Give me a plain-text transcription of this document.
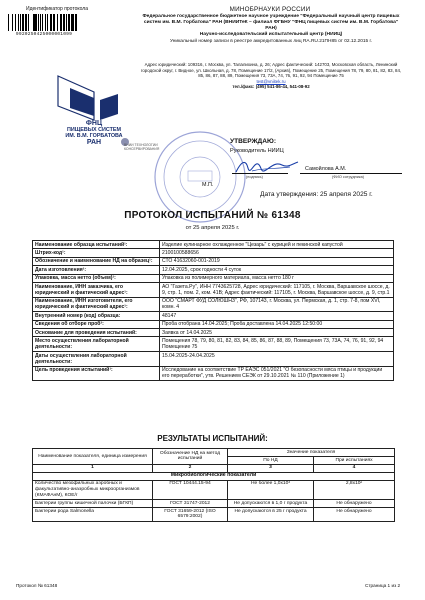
Идентификатор протокола
9920250425000001099
МИНОБРНАУКИ РОССИИ
Федеральное государственное бюджетное научное учреждение "Федеральный научный центр пищевых систем им. В.М. Горбатова" РАН (ВНИИТеК – филиал ФГБНУ "ФНЦ пищевых систем им. В.М. Горбатова" РАН)
Научно-исследовательский испытательный центр (НИИЦ)
Уникальный номер записи в реестре аккредитованных лиц RA.RU.21ПН85 от 02.12.2015 г.
Адрес юридический: 109316, г. Москва, ул. Талалихина, д. 26; Адрес фактический: 142703, Московская область, Ленинский городской округ, г. Видное, ул. Школьная, д. 78, Помещение 17/2, (Архив), Помещение 25, Помещения 78, 79, 80, 81, 82, 83, 84, 85, 86, 87, 88, 89, Помещения 73, 73А, 74, 76, 91, 92, 94 Помещение 75
test@vniitek.ru
тел./факс: (495) 541-86-44, 541-08-92
ФНЦ
ПИЩЕВЫХ СИСТЕМ
ИМ. В.М. ГОРБАТОВА
РАН	ВНИИ ТЕХНОЛОГИИ КОНСЕРВИРОВАНИЯ
УТВЕРЖДАЮ:
Руководитель НИИЦ
Самойлова А.М.
(подпись)	(ФИО сотрудника)
М.П.
Дата утверждения: 25 апреля 2025 г.
ПРОТОКОЛ ИСПЫТАНИЙ № 61348
от 25 апреля 2025 г.
Наименование образца испытаний¹:	Изделие кулинарное охлажденное "Цезарь" с курицей и пекинской капустой
Штрих-код¹:	2100100588656
Обозначение и наименование НД на образец¹:	СТО 41632060-001-2019
Дата изготовления¹:	12.04.2025, срок годности 4 суток
Упаковка, масса нетто (объем)¹:	Упаковка из полимерного материала, масса нетто 180 г
Наименование, ИНН заказчика, его юридический и фактический адрес¹:	АО "Газета.Ру", ИНН 7743625728, Адрес юридический: 117105, г. Москва, Варшавское шоссе, д. 9, стр. 1, пом. 2, ком. 41В; Адрес фактический: 117105, г. Москва, Варшавское шоссе, д. 9, стр.1
Наименование, ИНН изготовителя, его юридический и фактический адрес¹:	ООО "СМАРТ ФУД СОЛЮШНЗ", РФ, 107143, г. Москва, ул. Пермская, д. 1, стр. 7-8, пом XVI, комн. 4
Внутренний номер (код) образца:	48147
Сведения об отборе проб²:	Проба отобрана 14.04.2025; Проба доставлена 14.04.2025 12:50:00
Основание для проведения испытаний:	Заявка от 14.04.2025
Место осуществления лабораторной деятельности:	Помещения 78, 79, 80, 81, 82, 83, 84, 85, 86, 87, 88, 89, Помещения 73, 73А, 74, 76, 91, 92, 94 Помещение 75
Даты осуществления лабораторной деятельности:	15.04.2025-24.04.2025
Цель проведения испытаний¹:	Исследование на соответствие ТР ЕАЭС 051/2021 "О безопасности мяса птицы и продукции его переработки", утв. Решением СЕЭК от 29.10.2021 № 110 (Приложение 1)
РЕЗУЛЬТАТЫ ИСПЫТАНИЙ:
Наименование показателя, единица измерения	Обозначение НД на метод испытаний	Значение показателя	
		По НД	При испытаниях
1	2	3	4
Микробиологические показатели			
Количество мезофильных аэробных и факультативно-анаэробных микроорганизмов (КМАФАнМ), КОЕ/г	ГОСТ 10444.15-94	Не более 1,0x10³	2,8x10²
Бактерии группы кишечной палочки (БГКП)	ГОСТ 31747-2012	Не допускаются в 1,0 г продукта	Не обнаружено
Бактерии рода Salmonella	ГОСТ 31659-2012 (ISO 6579:2002)	Не допускаются в 25 г продукта	Не обнаружено
Протокол № 61348	Страница 1 из 2
